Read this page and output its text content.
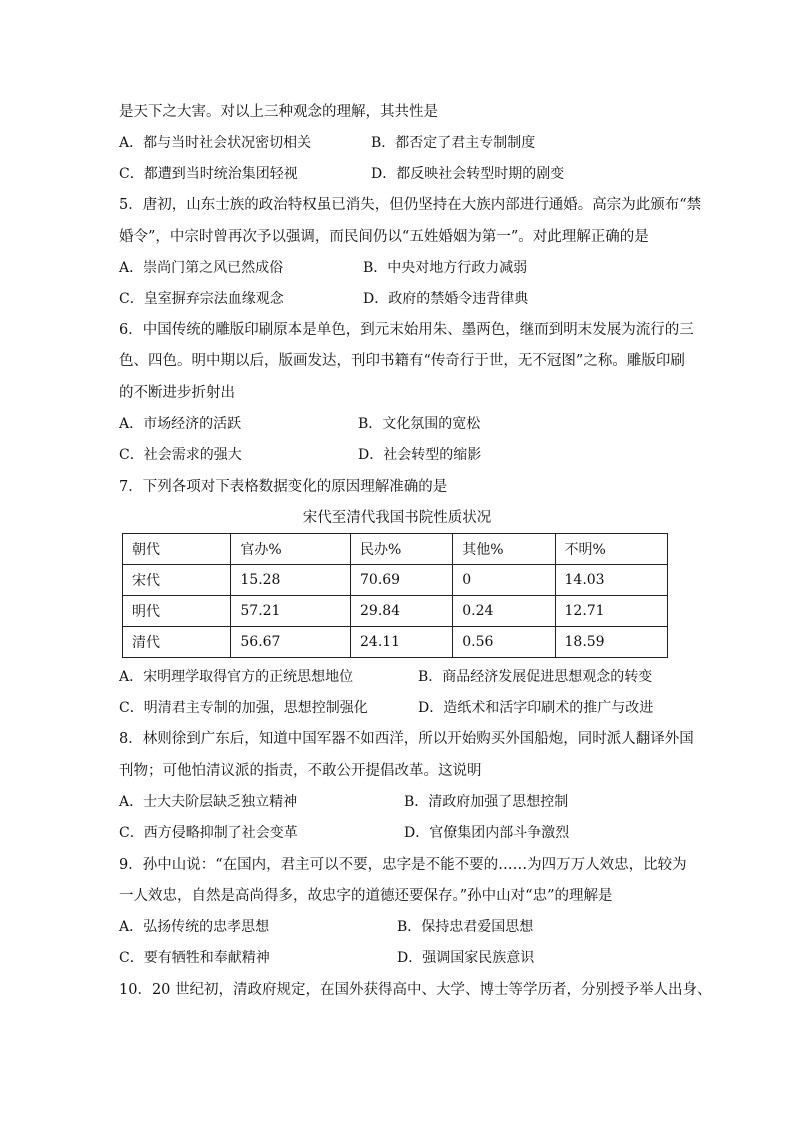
是天下之大害。对以上三种观念的理解，其共性是
A．都与当时社会状况密切相关	B．都否定了君主专制制度
C．都遭到当时统治集团轻视	D．都反映社会转型时期的剧变
5．唐初，山东士族的政治特权虽已消失，但仍坚持在大族内部进行通婚。高宗为此颁布“禁
婚令”，中宗时曾再次予以强调，而民间仍以“五姓婚姻为第一”。对此理解正确的是
A．崇尚门第之风已然成俗	B．中央对地方行政力减弱
C．皇室摒弃宗法血缘观念	D．政府的禁婚令违背律典
6．中国传统的雕版印刷原本是单色，到元末始用朱、墨两色，继而到明末发展为流行的三
色、四色。明中期以后，版画发达，刊印书籍有“传奇行于世，无不冠图”之称。雕版印刷
的不断进步折射出
A．市场经济的活跃	B．文化氛围的宽松
C．社会需求的强大	D．社会转型的缩影
7．下列各项对下表格数据变化的原因理解准确的是
宋代至清代我国书院性质状况
朝代	官办%	民办%	其他%	不明%
宋代	15.28	70.69	0	14.03
明代	57.21	29.84	0.24	12.71
清代	56.67	24.11	0.56	18.59
A．宋明理学取得官方的正统思想地位	B．商品经济发展促进思想观念的转变
C．明清君主专制的加强，思想控制强化	D．造纸术和活字印刷术的推广与改进
8．林则徐到广东后，知道中国军器不如西洋，所以开始购买外国船炮，同时派人翻译外国
刊物；可他怕清议派的指责，不敢公开提倡改革。这说明
A．士大夫阶层缺乏独立精神	B．清政府加强了思想控制
C．西方侵略抑制了社会变革	D．官僚集团内部斗争激烈
9．孙中山说：“在国内，君主可以不要，忠字是不能不要的……为四万万人效忠，比较为
一人效忠，自然是高尚得多，故忠字的道德还要保存。”孙中山对“忠”的理解是
A．弘扬传统的忠孝思想	B．保持忠君爱国思想
C．要有牺牲和奉献精神	D．强调国家民族意识
10．20 世纪初，清政府规定，在国外获得高中、大学、博士等学历者，分别授予举人出身、
